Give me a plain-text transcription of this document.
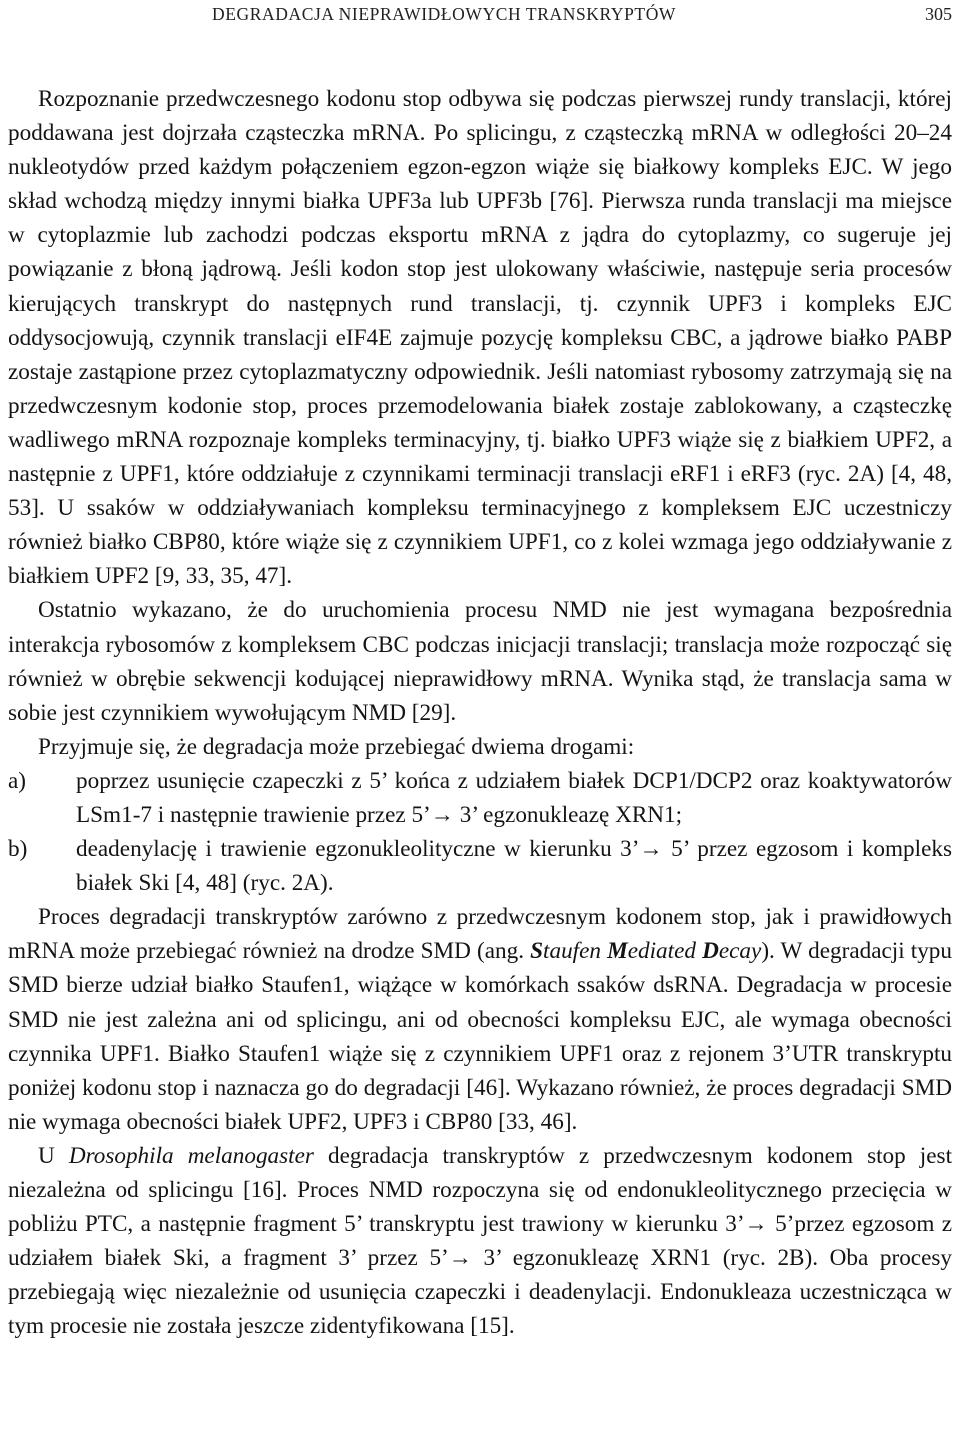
DEGRADACJA NIEPRAWIDŁOWYCH TRANSKRYPTÓW	305

Rozpoznanie przedwczesnego kodonu stop odbywa się podczas pierwszej rundy translacji, której poddawana jest dojrzała cząsteczka mRNA. Po splicingu, z cząsteczką mRNA w odległości 20–24 nukleotydów przed każdym połączeniem egzon-egzon wiąże się białkowy kompleks EJC. W jego skład wchodzą między innymi białka UPF3a lub UPF3b [76]. Pierwsza runda translacji ma miejsce w cytoplazmie lub zachodzi podczas eksportu mRNA z jądra do cytoplazmy, co sugeruje jej powiązanie z błoną jądrową. Jeśli kodon stop jest ulokowany właściwie, następuje seria procesów kierujących transkrypt do następnych rund translacji, tj. czynnik UPF3 i kompleks EJC oddysocjowują, czynnik translacji eIF4E zajmuje pozycję kompleksu CBC, a jądrowe białko PABP zostaje zastąpione przez cytoplazmatyczny odpowiednik. Jeśli natomiast rybosomy zatrzymają się na przedwczesnym kodonie stop, proces przemodelowania białek zostaje zablokowany, a cząsteczkę wadliwego mRNA rozpoznaje kompleks terminacyjny, tj. białko UPF3 wiąże się z białkiem UPF2, a następnie z UPF1, które oddziałuje z czynnikami terminacji translacji eRF1 i eRF3 (ryc. 2A) [4, 48, 53]. U ssaków w oddziaływaniach kompleksu terminacyjnego z kompleksem EJC uczestniczy również białko CBP80, które wiąże się z czynnikiem UPF1, co z kolei wzmaga jego oddziaływanie z białkiem UPF2 [9, 33, 35, 47].

Ostatnio wykazano, że do uruchomienia procesu NMD nie jest wymagana bezpośrednia interakcja rybosomów z kompleksem CBC podczas inicjacji translacji; translacja może rozpocząć się również w obrębie sekwencji kodującej nieprawidłowy mRNA. Wynika stąd, że translacja sama w sobie jest czynnikiem wywołującym NMD [29].

Przyjmuje się, że degradacja może przebiegać dwiema drogami:

a) poprzez usunięcie czapeczki z 5’ końca z udziałem białek DCP1/DCP2 oraz koaktywatorów LSm1-7 i następnie trawienie przez 5’→ 3’ egzonukleazę XRN1;
b) deadenylację i trawienie egzonukleolityczne w kierunku 3’→ 5’ przez egzosom i kompleks białek Ski [4, 48] (ryc. 2A).

Proces degradacji transkryptów zarówno z przedwczesnym kodonem stop, jak i prawidłowych mRNA może przebiegać również na drodze SMD (ang. Staufen Mediated Decay). W degradacji typu SMD bierze udział białko Staufen1, wiążące w komórkach ssaków dsRNA. Degradacja w procesie SMD nie jest zależna ani od splicingu, ani od obecności kompleksu EJC, ale wymaga obecności czynnika UPF1. Białko Staufen1 wiąże się z czynnikiem UPF1 oraz z rejonem 3’UTR transkryptu poniżej kodonu stop i naznacza go do degradacji [46]. Wykazano również, że proces degradacji SMD nie wymaga obecności białek UPF2, UPF3 i CBP80 [33, 46].

U Drosophila melanogaster degradacja transkryptów z przedwczesnym kodonem stop jest niezależna od splicingu [16]. Proces NMD rozpoczyna się od endonukleolitycznego przecięcia w pobliżu PTC, a następnie fragment 5’ transkryptu jest trawiony w kierunku 3’→ 5’przez egzosom z udziałem białek Ski, a fragment 3’ przez 5’→ 3’ egzonukleazę XRN1 (ryc. 2B). Oba procesy przebiegają więc niezależnie od usunięcia czapeczki i deadenylacji. Endonukleaza uczestnicząca w tym procesie nie została jeszcze zidentyfikowana [15].
